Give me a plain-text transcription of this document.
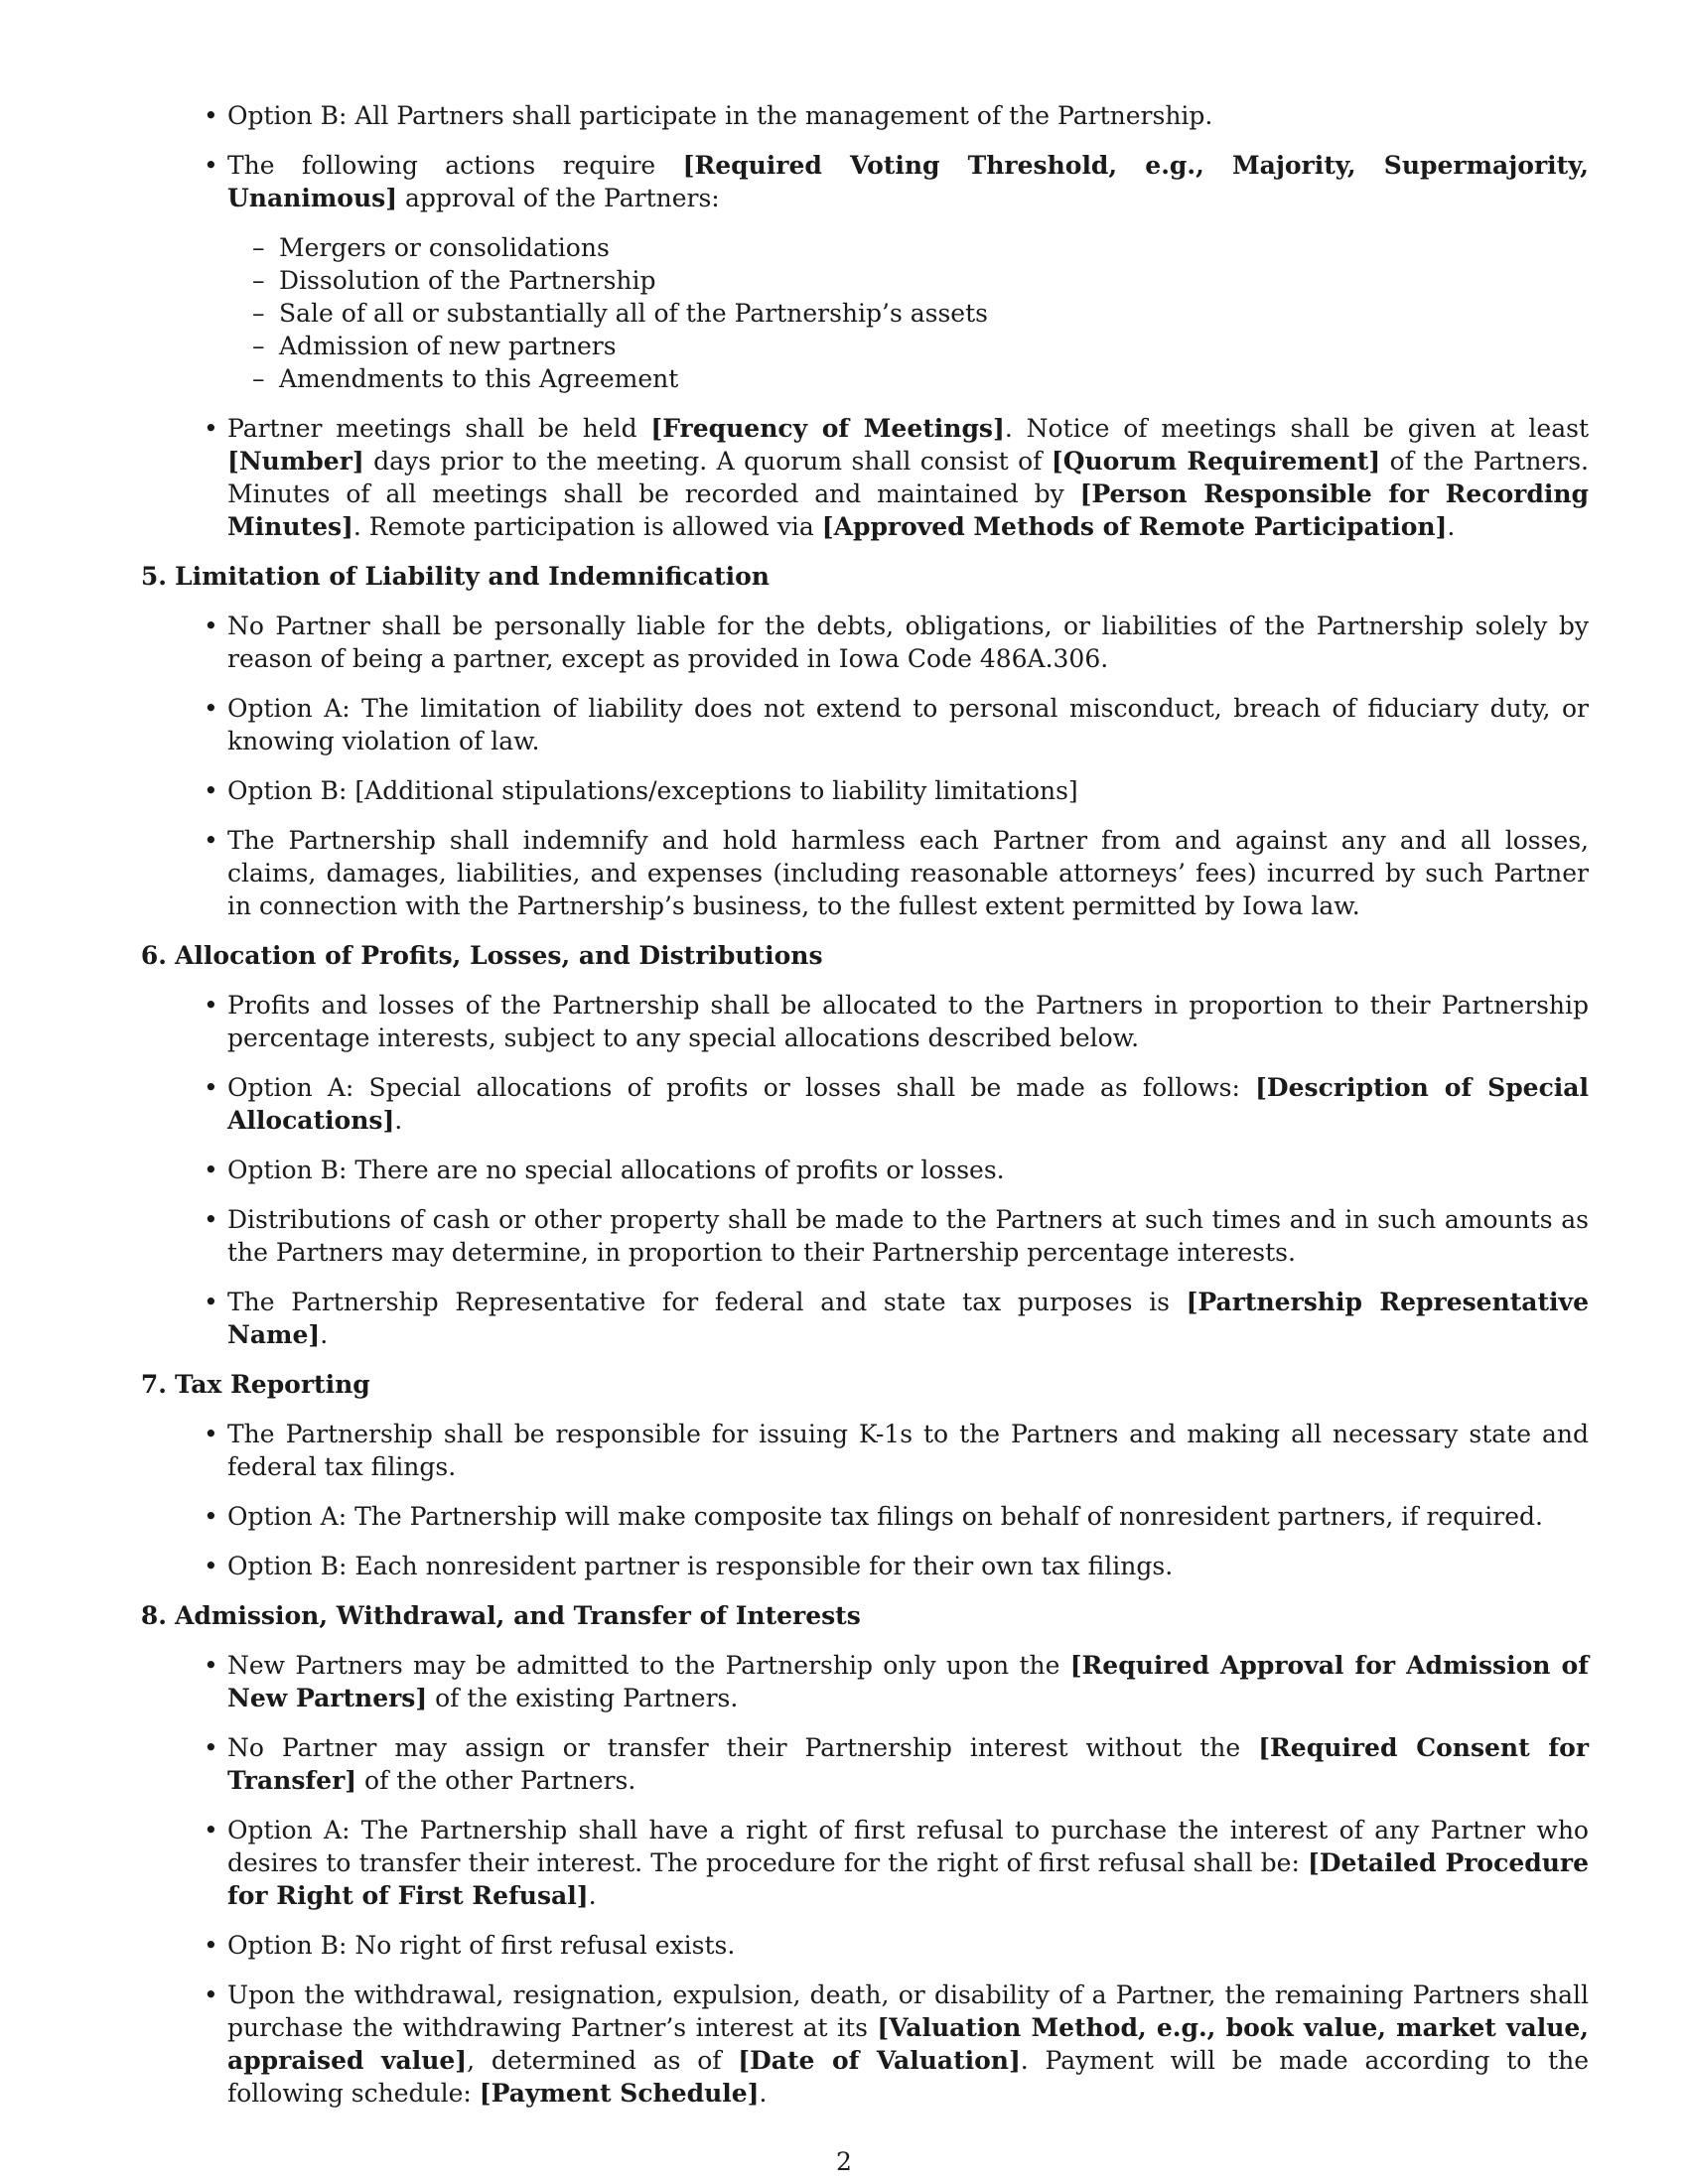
• Option B: All Partners shall participate in the management of the Partnership.
• The following actions require [Required Voting Threshold, e.g., Majority, Supermajority, Unanimous] approval of the Partners:
– Mergers or consolidations
– Dissolution of the Partnership
– Sale of all or substantially all of the Partnership’s assets
– Admission of new partners
– Amendments to this Agreement
• Partner meetings shall be held [Frequency of Meetings]. Notice of meetings shall be given at least [Number] days prior to the meeting. A quorum shall consist of [Quorum Requirement] of the Partners. Minutes of all meetings shall be recorded and maintained by [Person Responsible for Recording Minutes]. Remote participation is allowed via [Approved Methods of Remote Participation].
5. Limitation of Liability and Indemnification
• No Partner shall be personally liable for the debts, obligations, or liabilities of the Partnership solely by reason of being a partner, except as provided in Iowa Code 486A.306.
• Option A: The limitation of liability does not extend to personal misconduct, breach of fiduciary duty, or knowing violation of law.
• Option B: [Additional stipulations/exceptions to liability limitations]
• The Partnership shall indemnify and hold harmless each Partner from and against any and all losses, claims, damages, liabilities, and expenses (including reasonable attorneys’ fees) incurred by such Partner in connection with the Partnership’s business, to the fullest extent permitted by Iowa law.
6. Allocation of Profits, Losses, and Distributions
• Profits and losses of the Partnership shall be allocated to the Partners in proportion to their Partnership percentage interests, subject to any special allocations described below.
• Option A: Special allocations of profits or losses shall be made as follows: [Description of Special Allocations].
• Option B: There are no special allocations of profits or losses.
• Distributions of cash or other property shall be made to the Partners at such times and in such amounts as the Partners may determine, in proportion to their Partnership percentage interests.
• The Partnership Representative for federal and state tax purposes is [Partnership Representative Name].
7. Tax Reporting
• The Partnership shall be responsible for issuing K-1s to the Partners and making all necessary state and federal tax filings.
• Option A: The Partnership will make composite tax filings on behalf of nonresident partners, if required.
• Option B: Each nonresident partner is responsible for their own tax filings.
8. Admission, Withdrawal, and Transfer of Interests
• New Partners may be admitted to the Partnership only upon the [Required Approval for Admission of New Partners] of the existing Partners.
• No Partner may assign or transfer their Partnership interest without the [Required Consent for Transfer] of the other Partners.
• Option A: The Partnership shall have a right of first refusal to purchase the interest of any Partner who desires to transfer their interest. The procedure for the right of first refusal shall be: [Detailed Procedure for Right of First Refusal].
• Option B: No right of first refusal exists.
• Upon the withdrawal, resignation, expulsion, death, or disability of a Partner, the remaining Partners shall purchase the withdrawing Partner’s interest at its [Valuation Method, e.g., book value, market value, appraised value], determined as of [Date of Valuation]. Payment will be made according to the following schedule: [Payment Schedule].
2
